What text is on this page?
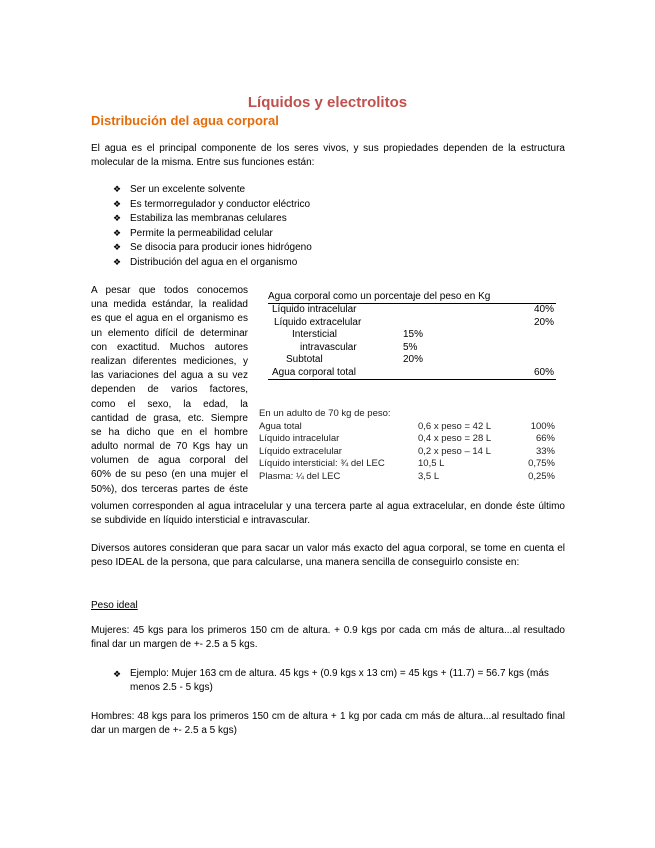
Líquidos y electrolitos
Distribución del agua corporal
El agua es el principal componente de los seres vivos, y sus propiedades dependen de la estructura molecular de la misma. Entre sus funciones están:
❖ Ser un excelente solvente
❖ Es termorregulador y conductor eléctrico
❖ Estabiliza las membranas celulares
❖ Permite la permeabilidad celular
❖ Se disocia para producir iones hidrógeno
❖ Distribución del agua en el organismo
A pesar que todos conocemos
una medida estándar, la realidad
es que el agua en el organismo es
un elemento difícil de determinar
con exactitud. Muchos autores
realizan diferentes mediciones, y
las variaciones del agua a su vez
dependen de varios factores,
como el sexo, la edad, la
cantidad de grasa, etc. Siempre
se ha dicho que en el hombre
adulto normal de 70 Kgs hay un
volumen de agua corporal del
60% de su peso (en una mujer el
50%), dos terceras partes de éste
Agua corporal como un porcentaje del peso en Kg
Líquido intracelular	40%
Líquido extracelular	20%
Intersticial	15%
intravascular	5%
Subtotal	20%
Agua corporal total	60%
En un adulto de 70 kg de peso:
Agua total	0,6 x peso = 42 L	100%
Líquido intracelular	0,4 x peso = 28 L	66%
Líquido extracelular	0,2 x peso – 14 L	33%
Líquido intersticial: ¾ del LEC	10,5 L	0,75%
Plasma: ¼ del LEC	3,5 L	0,25%
volumen corresponden al agua intracelular y una tercera parte al agua extracelular, en donde éste último se subdivide en líquido intersticial e intravascular.
Diversos autores consideran que para sacar un valor más exacto del agua corporal, se tome en cuenta el peso IDEAL de la persona, que para calcularse, una manera sencilla de conseguirlo consiste en:
Peso ideal
Mujeres: 45 kgs para los primeros 150 cm de altura. + 0.9 kgs por cada cm más de altura...al resultado final dar un margen de +- 2.5 a 5 kgs.
❖ Ejemplo: Mujer 163 cm de altura. 45 kgs + (0.9 kgs x 13 cm) = 45 kgs + (11.7) = 56.7 kgs (más menos 2.5 - 5 kgs)
Hombres: 48 kgs para los primeros 150 cm de altura + 1 kg por cada cm más de altura...al resultado final dar un margen de +- 2.5 a 5 kgs)
